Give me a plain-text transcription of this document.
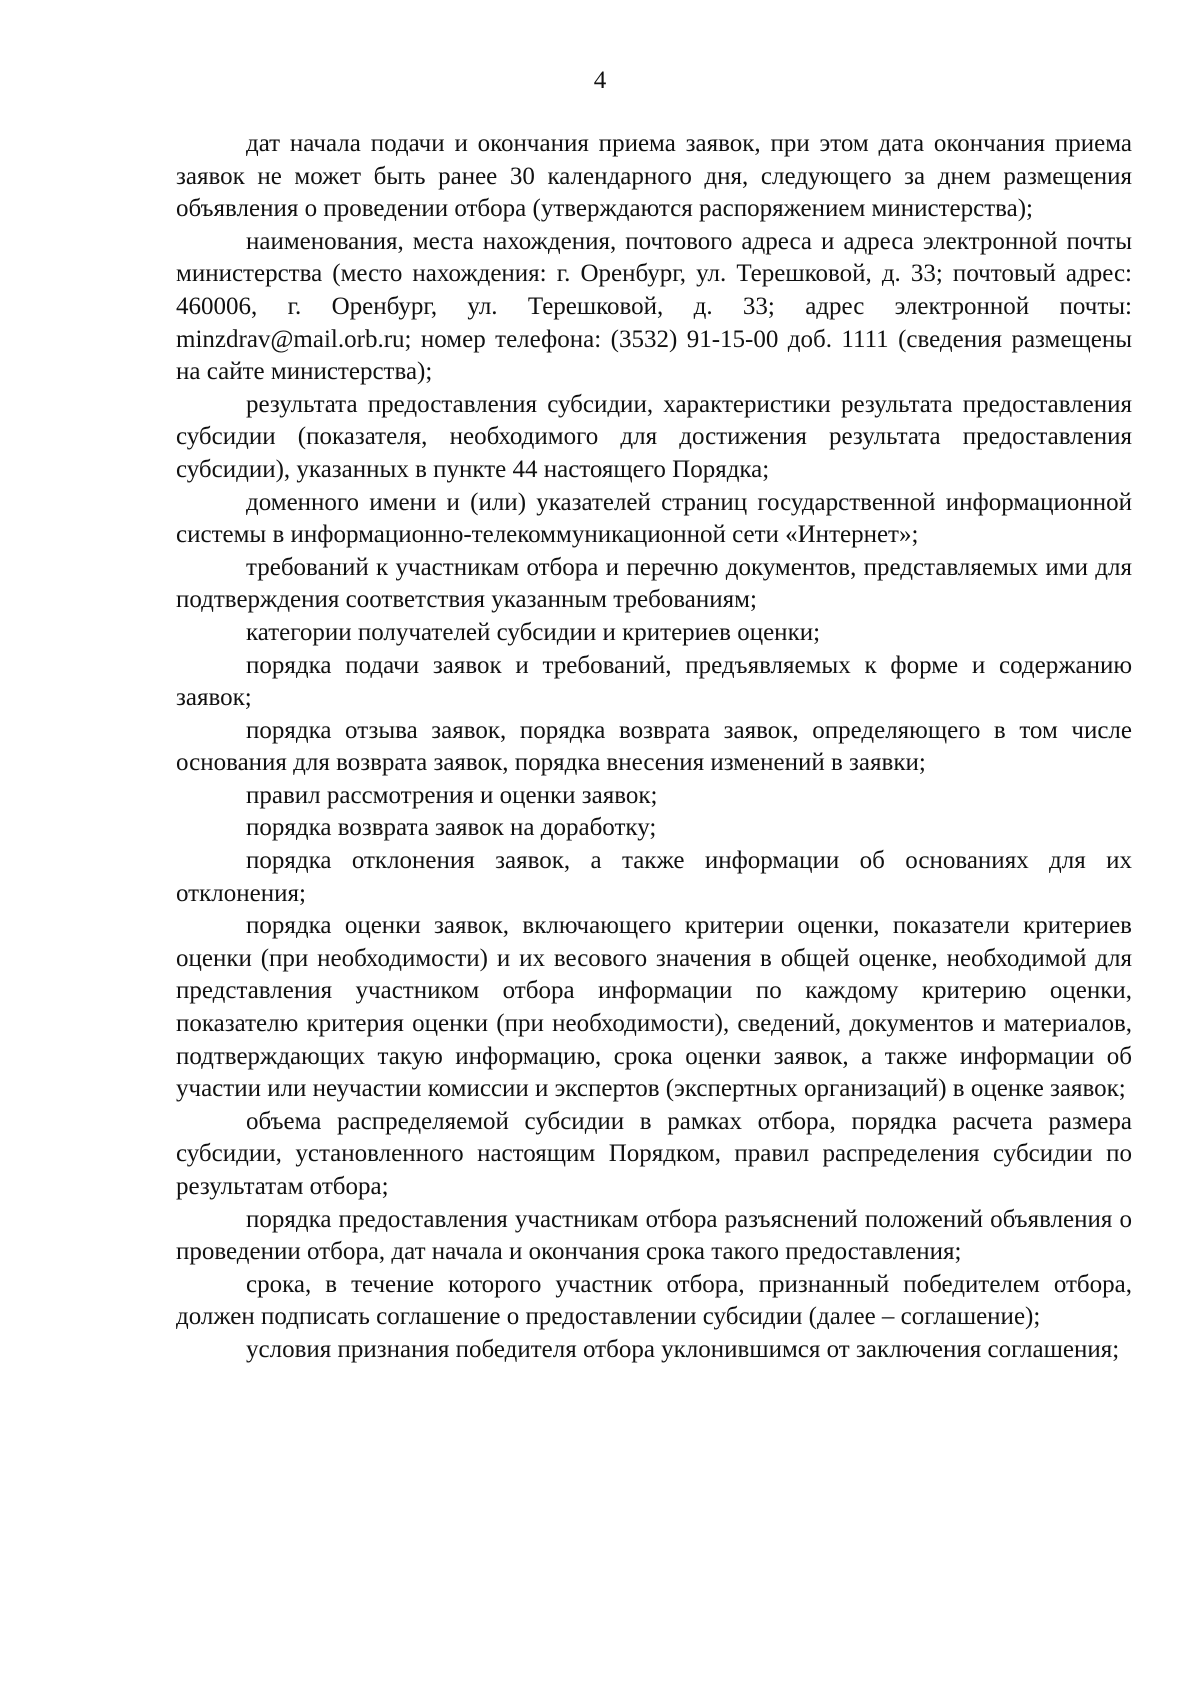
4

дат начала подачи и окончания приема заявок, при этом дата окончания приема заявок не может быть ранее 30 календарного дня, следующего за днем размещения объявления о проведении отбора (утверждаются распоряжением министерства);

наименования, места нахождения, почтового адреса и адреса электронной почты министерства (место нахождения: г. Оренбург, ул. Терешковой, д. 33; почтовый адрес: 460006, г. Оренбург, ул. Терешковой, д. 33; адрес электронной почты: minzdrav@mail.orb.ru; номер телефона: (3532) 91-15-00 доб. 1111 (сведения размещены на сайте министерства);

результата предоставления субсидии, характеристики результата предоставления субсидии (показателя, необходимого для достижения результата предоставления субсидии), указанных в пункте 44 настоящего Порядка;

доменного имени и (или) указателей страниц государственной информационной системы в информационно-телекоммуникационной сети «Интернет»;

требований к участникам отбора и перечню документов, представляемых ими для подтверждения соответствия указанным требованиям;

категории получателей субсидии и критериев оценки;

порядка подачи заявок и требований, предъявляемых к форме и содержанию заявок;

порядка отзыва заявок, порядка возврата заявок, определяющего в том числе основания для возврата заявок, порядка внесения изменений в заявки;

правил рассмотрения и оценки заявок;

порядка возврата заявок на доработку;

порядка отклонения заявок, а также информации об основаниях для их отклонения;

порядка оценки заявок, включающего критерии оценки, показатели критериев оценки (при необходимости) и их весового значения в общей оценке, необходимой для представления участником отбора информации по каждому критерию оценки, показателю критерия оценки (при необходимости), сведений, документов и материалов, подтверждающих такую информацию, срока оценки заявок, а также информации об участии или неучастии комиссии и экспертов (экспертных организаций) в оценке заявок;

объема распределяемой субсидии в рамках отбора, порядка расчета размера субсидии, установленного настоящим Порядком, правил распределения субсидии по результатам отбора;

порядка предоставления участникам отбора разъяснений положений объявления о проведении отбора, дат начала и окончания срока такого предоставления;

срока, в течение которого участник отбора, признанный победителем отбора, должен подписать соглашение о предоставлении субсидии (далее – соглашение);

условия признания победителя отбора уклонившимся от заключения соглашения;
